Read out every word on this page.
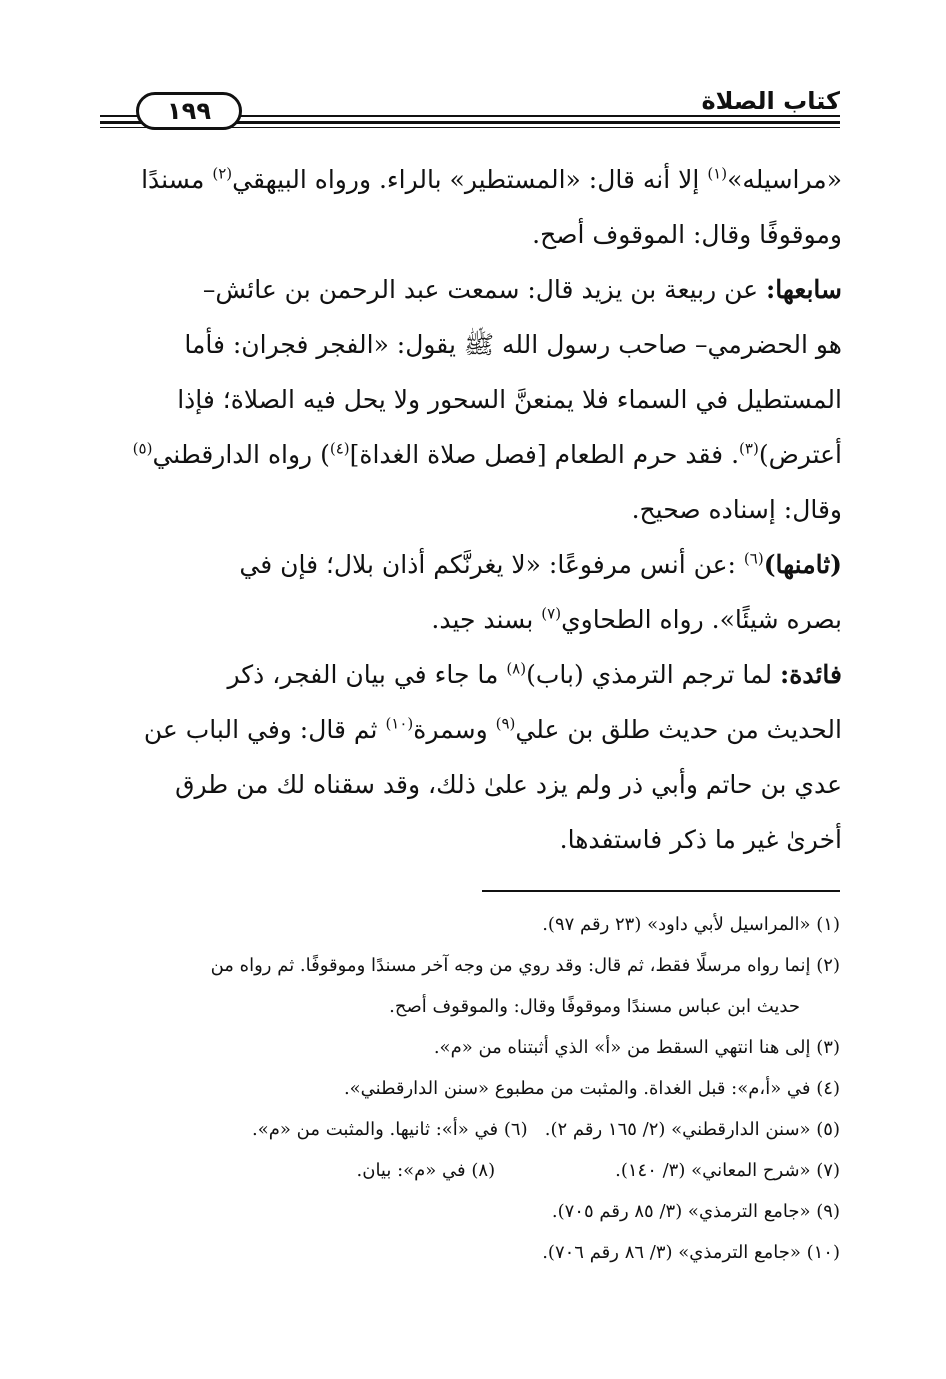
١٩٩	كتاب الصلاة
«مراسيله»$^{(١)}$ إلا أنه قال: «المستطير» بالراء. ورواه البيهقي$^{(٢)}$ مسندًا
وموقوفًا وقال: الموقوف أصح.
سابعها: عن ربيعة بن يزيد قال: سمعت عبد الرحمن بن عائش–
هو الحضرمي– صاحب رسول الله ﷺ يقول: «الفجر فجران: فأما
المستطيل في السماء فلا يمنعنَّ السحور ولا يحل فيه الصلاة؛ فإذا
أعترض)$^{(٣)}$. فقد حرم الطعام [فصل صلاة الغداة]$^{(٤)}$) رواه الدارقطني$^{(٥)}$
وقال: إسناده صحيح.
(ثامنها)$^{(٦)}$ :عن أنس مرفوعًا: «لا يغرنَّكم أذان بلال؛ فإن في
بصره شيئًا». رواه الطحاوي$^{(٧)}$ بسند جيد.
فائدة: لما ترجم الترمذي (باب)$^{(٨)}$ ما جاء في بيان الفجر، ذكر
الحديث من حديث طلق بن علي$^{(٩)}$ وسمرة$^{(١٠)}$ ثم قال: وفي الباب عن
عدي بن حاتم وأبي ذر ولم يزد علىٰ ذلك، وقد سقناه لك من طرق
أخرىٰ غير ما ذكر فاستفدها.
(١) «المراسيل لأبي داود» (٢٣ رقم ٩٧).
(٢) إنما رواه مرسلًا فقط، ثم قال: وقد روي من وجه آخر مسندًا وموقوفًا. ثم رواه من
حديث ابن عباس مسندًا وموقوفًا وقال: والموقوف أصح.
(٣) إلى هنا انتهي السقط من «أ» الذي أثبتناه من «م».
(٤) في «أ،م»: قبل الغداة. والمثبت من مطبوع «سنن الدارقطني».
(٥) «سنن الدارقطني» (٢/ ١٦٥ رقم ٢).   (٦) في «أ»: ثانيها. والمثبت من «م».
(٧) «شرح المعاني» (٣/ ١٤٠).(٨) في «م»: بيان.
(٩) «جامع الترمذي» (٣/ ٨٥ رقم ٧٠٥).
(١٠) «جامع الترمذي» (٣/ ٨٦ رقم ٧٠٦).
